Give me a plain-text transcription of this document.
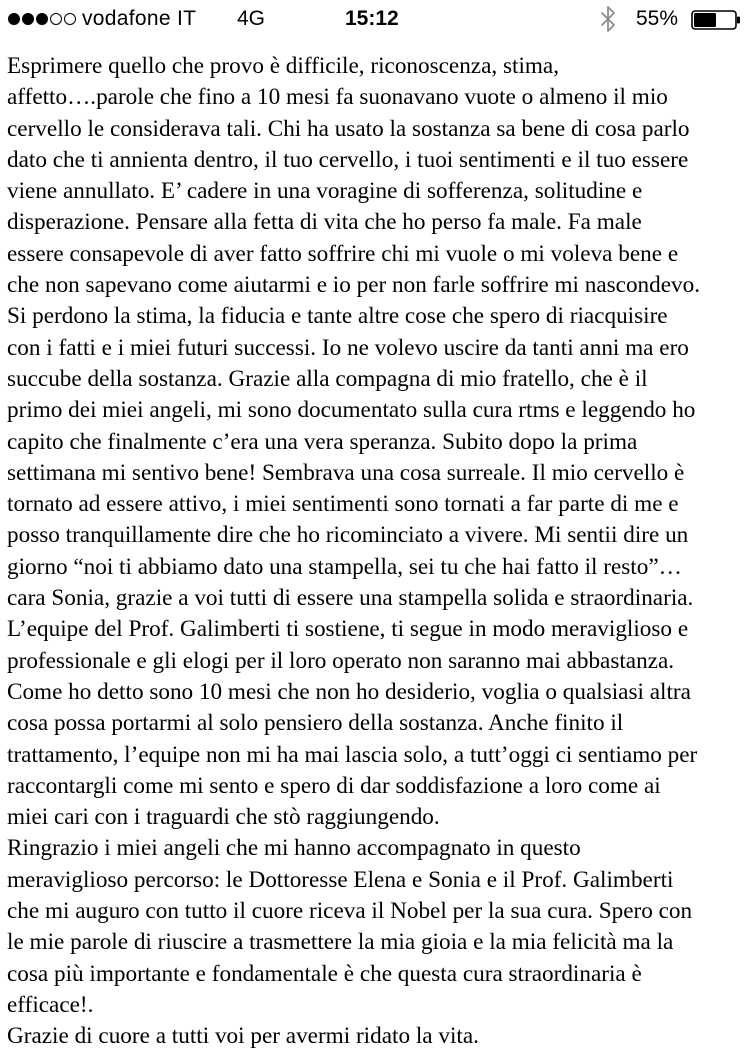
vodafone IT 4G	15:12	55%
Esprimere quello che provo è difficile, riconoscenza, stima,
affetto….parole che fino a 10 mesi fa suonavano vuote o almeno il mio
cervello le considerava tali. Chi ha usato la sostanza sa bene di cosa parlo
dato che ti annienta dentro, il tuo cervello, i tuoi sentimenti e il tuo essere
viene annullato. E’ cadere in una voragine di sofferenza, solitudine e
disperazione. Pensare alla fetta di vita che ho perso fa male. Fa male
essere consapevole di aver fatto soffrire chi mi vuole o mi voleva bene e
che non sapevano come aiutarmi e io per non farle soffrire mi nascondevo.
Si perdono la stima, la fiducia e tante altre cose che spero di riacquisire
con i fatti e i miei futuri successi. Io ne volevo uscire da tanti anni ma ero
succube della sostanza. Grazie alla compagna di mio fratello, che è il
primo dei miei angeli, mi sono documentato sulla cura rtms e leggendo ho
capito che finalmente c’era una vera speranza. Subito dopo la prima
settimana mi sentivo bene! Sembrava una cosa surreale. Il mio cervello è
tornato ad essere attivo, i miei sentimenti sono tornati a far parte di me e
posso tranquillamente dire che ho ricominciato a vivere. Mi sentii dire un
giorno “noi ti abbiamo dato una stampella, sei tu che hai fatto il resto”…
cara Sonia, grazie a voi tutti di essere una stampella solida e straordinaria.
L’equipe del Prof. Galimberti ti sostiene, ti segue in modo meraviglioso e
professionale e gli elogi per il loro operato non saranno mai abbastanza.
Come ho detto sono 10 mesi che non ho desiderio, voglia o qualsiasi altra
cosa possa portarmi al solo pensiero della sostanza. Anche finito il
trattamento, l’equipe non mi ha mai lascia solo, a tutt’oggi ci sentiamo per
raccontargli come mi sento e spero di dar soddisfazione a loro come ai
miei cari con i traguardi che stò raggiungendo.
Ringrazio i miei angeli che mi hanno accompagnato in questo
meraviglioso percorso: le Dottoresse Elena e Sonia e il Prof. Galimberti
che mi auguro con tutto il cuore riceva il Nobel per la sua cura. Spero con
le mie parole di riuscire a trasmettere la mia gioia e la mia felicità ma la
cosa più importante e fondamentale è che questa cura straordinaria è
efficace!.
Grazie di cuore a tutti voi per avermi ridato la vita.
